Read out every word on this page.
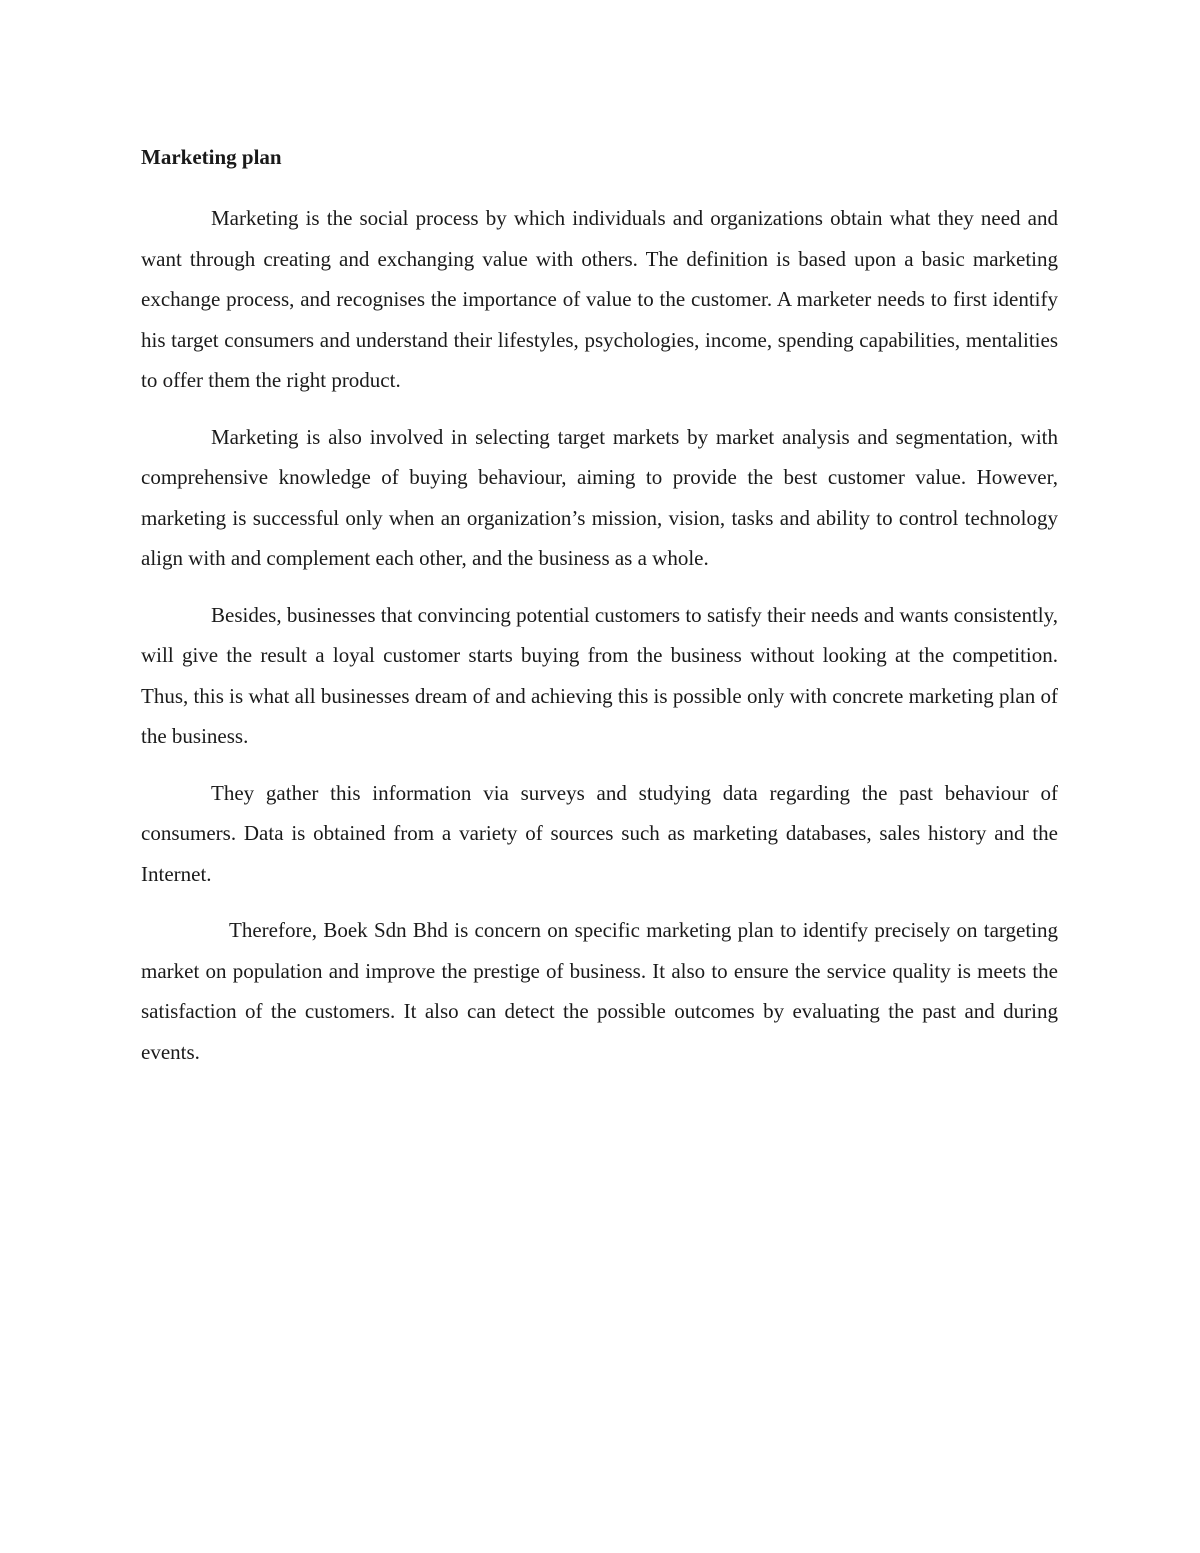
Marketing plan

Marketing is the social process by which individuals and organizations obtain what they need and want through creating and exchanging value with others. The definition is based upon a basic marketing exchange process, and recognises the importance of value to the customer. A marketer needs to first identify his target consumers and understand their lifestyles, psychologies, income, spending capabilities, mentalities to offer them the right product.

Marketing is also involved in selecting target markets by market analysis and segmentation, with comprehensive knowledge of buying behaviour, aiming to provide the best customer value. However, marketing is successful only when an organization’s mission, vision, tasks and ability to control technology align with and complement each other, and the business as a whole.

Besides, businesses that convincing potential customers to satisfy their needs and wants consistently, will give the result a loyal customer starts buying from the business without looking at the competition. Thus, this is what all businesses dream of and achieving this is possible only with concrete marketing plan of the business.

They gather this information via surveys and studying data regarding the past behaviour of consumers. Data is obtained from a variety of sources such as marketing databases, sales history and the Internet.

Therefore, Boek Sdn Bhd is concern on specific marketing plan to identify precisely on targeting market on population and improve the prestige of business. It also to ensure the service quality is meets the satisfaction of the customers. It also can detect the possible outcomes by evaluating the past and during events.
